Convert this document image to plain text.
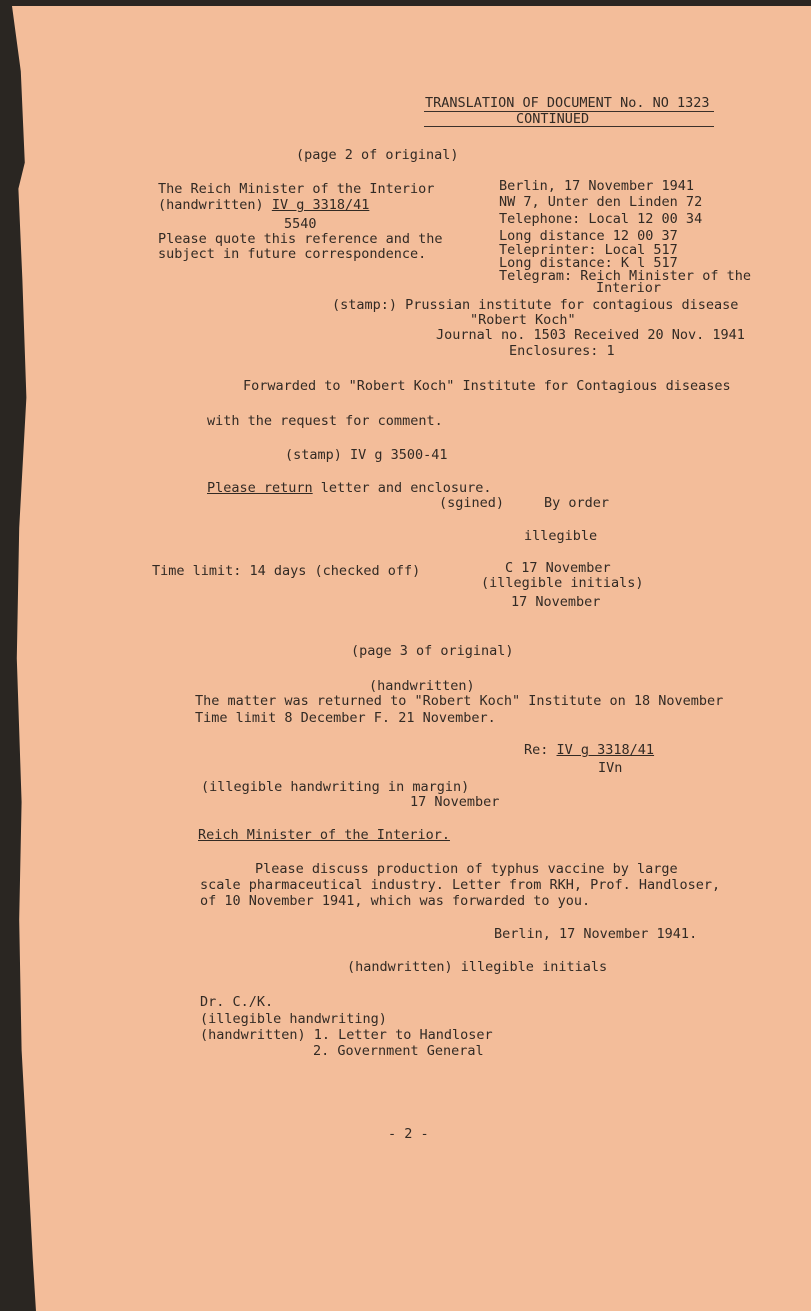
TRANSLATION OF DOCUMENT No. NO 1323
CONTINUED
(page 2 of original)
The Reich Minister of the Interior
(handwritten) IV g 3318/41
5540
Please quote this reference and the
subject in future correspondence.
Berlin, 17 November 1941
NW 7, Unter den Linden 72
Telephone: Local 12 00 34
Long distance 12 00 37
Teleprinter: Local 517
Long distance: K l 517
Telegram: Reich Minister of the
Interior
(stamp:) Prussian institute for contagious disease
"Robert Koch"
Journal no. 1503 Received 20 Nov. 1941
Enclosures: 1
Forwarded to "Robert Koch" Institute for Contagious diseases
with the request for comment.
(stamp) IV g 3500-41
Please return letter and enclosure.
(sgined)	By order
illegible
Time limit: 14 days (checked off)	C 17 November
(illegible initials)
17 November
(page 3 of original)
(handwritten)
The matter was returned to "Robert Koch" Institute on 18 November
Time limit 8 December F. 21 November.
Re: IV g 3318/41
IVn
(illegible handwriting in margin)
17 November
Reich Minister of the Interior.
Please discuss production of typhus vaccine by large
scale pharmaceutical industry. Letter from RKH, Prof. Handloser,
of 10 November 1941, which was forwarded to you.
Berlin, 17 November 1941.
(handwritten) illegible initials
Dr. C./K.
(illegible handwriting)
(handwritten) 1. Letter to Handloser
2. Government General
- 2 -
